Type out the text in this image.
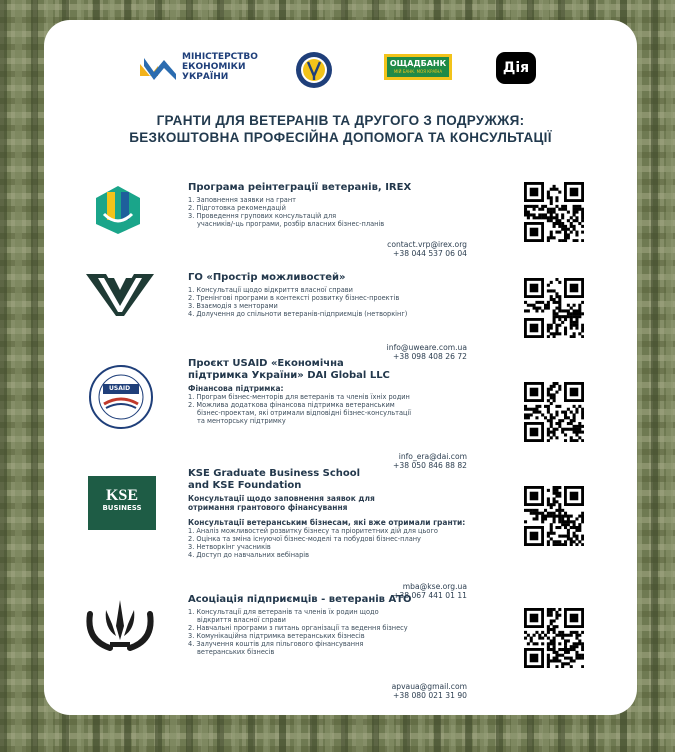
МІНІСТЕРСТВО
ЕКОНОМІКИ
УКРАЇНИ
ОЩАДБАНК
МІЙ БАНК. МОЯ КРАЇНА	Дія
ГРАНТИ ДЛЯ ВЕТЕРАНІВ ТА ДРУГОГО З ПОДРУЖЖЯ:
БЕЗКОШТОВНА ПРОФЕСІЙНА ДОПОМОГА ТА КОНСУЛЬТАЦІЇ
Програма реінтеграції ветеранів, IREX
1. Заповнення заявки на грант
2. Підготовка рекомендацій
3. Проведення групових консультацій для
учасників/-ць програми, розбір власних бізнес-планів
contact.vrp@irex.org
+38 044 537 06 04
ГО «Простір можливостей»
1. Консультації щодо відкриття власної справи
2. Тренінгові програми в контексті розвитку бізнес-проектів
3. Взаємодія з менторами
4. Долучення до спільноти ветеранів-підприємців (нетворкінг)
info@uweare.com.ua
+38 098 408 26 72
USAID
Проєкт USAID «Економічна
підтримка України» DAI Global LLC
Фінансова підтримка:
1. Програм бізнес-менторів для ветеранів та членів їхніх родин
2. Можлива додаткова фінансова підтримка ветеранським
бізнес-проектам, які отримали відповідні бізнес-консультації
та менторську підтримку
info_era@dai.com
+38 050 846 88 82
KSE
BUSINESS
KSE Graduate Business School
and KSE Foundation
Консультації щодо заповнення заявок для
отримання грантового фінансування
Консультації ветеранським бізнесам, які вже отримали гранти:
1. Аналіз можливостей розвитку бізнесу та пріоритетних дій для цього
2. Оцінка та зміна існуючої бізнес-моделі та побудові бізнес-плану
3. Нетворкінг учасників
4. Доступ до навчальних вебінарів
mba@kse.org.ua
+38 067 441 01 11
Асоціація підприємців - ветеранів АТО
1. Консультації для ветеранів та членів їх родин щодо
відкриття власної справи
2. Навчальні програми з питань організації та ведення бізнесу
3. Комунікаційна підтримка ветеранських бізнесів
4. Залучення коштів для пільгового фінансування
ветеранських бізнесів
apvaua@gmail.com
+38 080 021 31 90
